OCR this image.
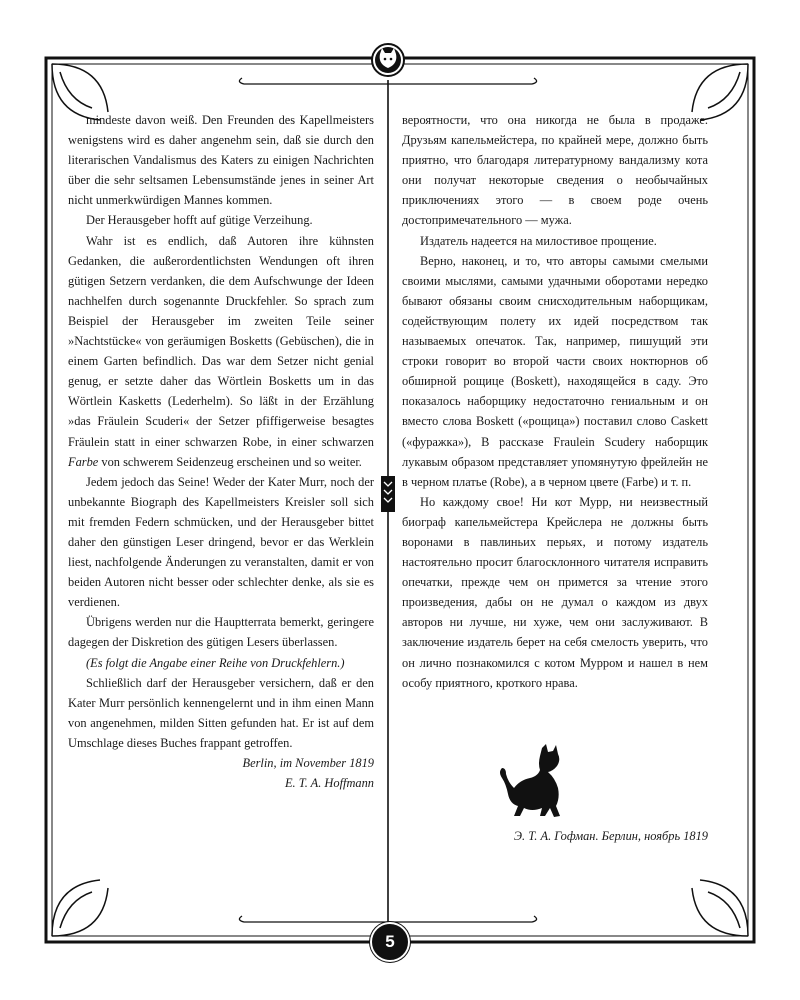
mindeste davon weiß. Den Freunden des Kapellmeisters wenigstens wird es daher angenehm sein, daß sie durch den literarischen Vandalismus des Katers zu einigen Nachrichten über die sehr seltsamen Lebensumstände jenes in seiner Art nicht unmerkwürdigen Mannes kommen.

Der Herausgeber hofft auf gütige Verzeihung.

Wahr ist es endlich, daß Autoren ihre kühnsten Gedanken, die außerordentlichsten Wendungen oft ihren gütigen Setzern verdanken, die dem Aufschwunge der Ideen nachhelfen durch sogenannte Druckfehler. So sprach zum Beispiel der Herausgeber im zweiten Teile seiner »Nachtstücke« von geräumigen Bosketts (Gebüschen), die in einem Garten befindlich. Das war dem Setzer nicht genial genug, er setzte daher das Wörtlein Bosketts um in das Wörtlein Kasketts (Lederhelm). So läßt in der Erzählung »das Fräulein Scuderi« der Setzer pfiffigerweise besagtes Fräulein statt in einer schwarzen Robe, in einer schwarzen Farbe von schwerem Seidenzeug erscheinen und so weiter.

Jedem jedoch das Seine! Weder der Kater Murr, noch der unbekannte Biograph des Kapellmeisters Kreisler soll sich mit fremden Federn schmücken, und der Herausgeber bittet daher den günstigen Leser dringend, bevor er das Werklein liest, nachfolgende Änderungen zu veranstalten, damit er von beiden Autoren nicht besser oder schlechter denke, als sie es verdienen.

Übrigens werden nur die Hauptterrata bemerkt, geringere dagegen der Diskretion des gütigen Lesers überlassen.

(Es folgt die Angabe einer Reihe von Druckfehlern.)

Schließlich darf der Herausgeber versichern, daß er den Kater Murr persönlich kennengelernt und in ihm einen Mann von angenehmen, milden Sitten gefunden hat. Er ist auf dem Umschlage dieses Buches frappant getroffen.

Berlin, im November 1819

E. T. A. Hoffmann

вероятности, что она никогда не была в продаже. Друзьям капельмейстера, по крайней мере, должно быть приятно, что благодаря литературному вандализму кота они получат некоторые сведения о необычайных приключениях этого — в своем роде очень достопримечательного — мужа.

Издатель надеется на милостивое прощение.

Верно, наконец, и то, что авторы самыми смелыми своими мыслями, самыми удачными оборотами нередко бывают обязаны своим снисходительным наборщикам, содействующим полету их идей посредством так называемых опечаток. Так, например, пишущий эти строки говорит во второй части своих ноктюрнов об обширной рощице (Boskett), находящейся в саду. Это показалось наборщику недостаточно гениальным и он вместо слова Boskett («рощица») поставил слово Caskett («фуражка»), В рассказе Fraulein Scudery наборщик лукавым образом представляет упомянутую фрейлейн не в черном платье (Robe), а в черном цвете (Farbe) и т. п.

Но каждому свое! Ни кот Мурр, ни неизвестный биограф капельмейстера Крейслера не должны быть воронами в павлиньих перьях, и потому издатель настоятельно просит благосклонного читателя исправить опечатки, прежде чем он примется за чтение этого произведения, дабы он не думал о каждом из двух авторов ни лучше, ни хуже, чем они заслуживают. В заключение издатель берет на себя смелость уверить, что он лично познакомился с котом Мурром и нашел в нем особу приятного, кроткого нрава.

Э. Т. А. Гофман. Берлин, ноябрь 1819
5
